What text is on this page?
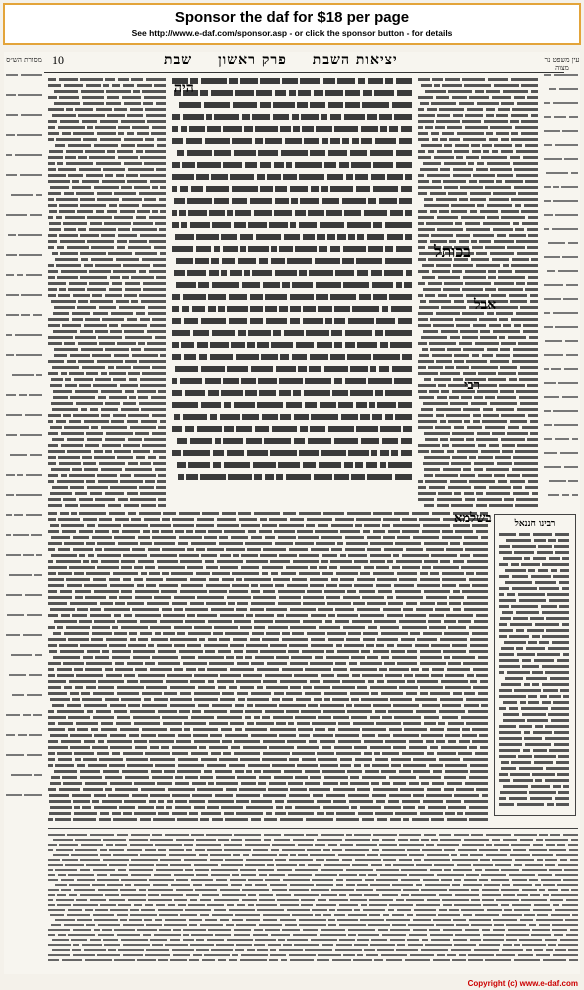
Sponsor the daf for $18 per page
See http://www.e-daf.com/sponsor.asp - or click the sponsor button - for details
10	יציאות השבת פרק ראשון שבת
מסורת הש״ס	עין משפט נר מצוה
רבינו חננאל
היה
בכותל
אבל
רבי
בשלמא
Copyright (c) www.e-daf.com
